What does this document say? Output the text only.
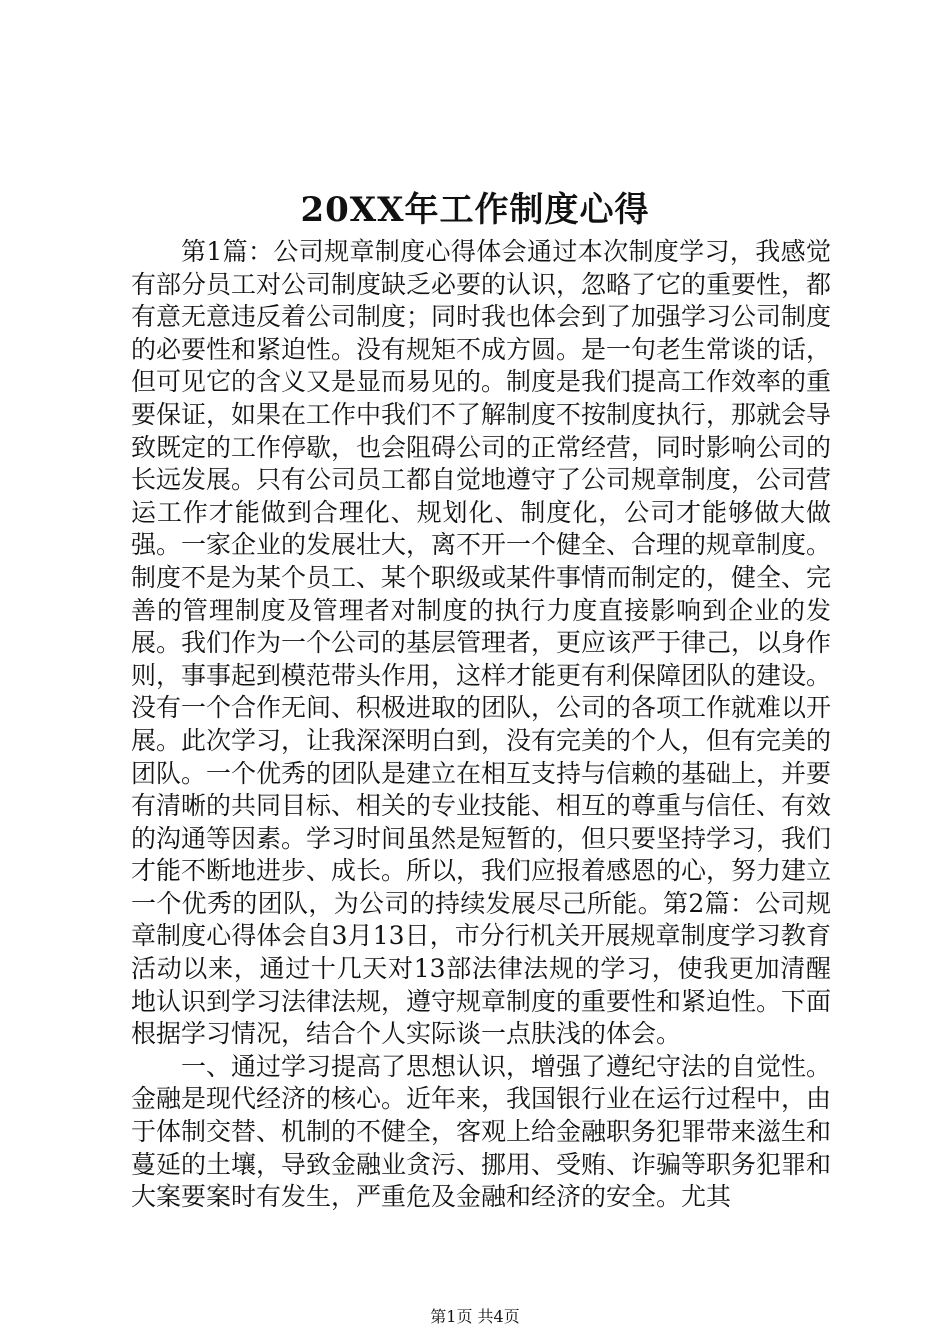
20XX年工作制度心得

第1篇：公司规章制度心得体会通过本次制度学习，我感觉有部分员工对公司制度缺乏必要的认识，忽略了它的重要性，都有意无意违反着公司制度；同时我也体会到了加强学习公司制度的必要性和紧迫性。没有规矩不成方圆。是一句老生常谈的话，但可见它的含义又是显而易见的。制度是我们提高工作效率的重要保证，如果在工作中我们不了解制度不按制度执行，那就会导致既定的工作停歇，也会阻碍公司的正常经营，同时影响公司的长远发展。只有公司员工都自觉地遵守了公司规章制度，公司营运工作才能做到合理化、规划化、制度化，公司才能够做大做强。一家企业的发展壮大，离不开一个健全、合理的规章制度。制度不是为某个员工、某个职级或某件事情而制定的，健全、完善的管理制度及管理者对制度的执行力度直接影响到企业的发展。我们作为一个公司的基层管理者，更应该严于律己，以身作则，事事起到模范带头作用，这样才能更有利保障团队的建设。没有一个合作无间、积极进取的团队，公司的各项工作就难以开展。此次学习，让我深深明白到，没有完美的个人，但有完美的团队。一个优秀的团队是建立在相互支持与信赖的基础上，并要有清晰的共同目标、相关的专业技能、相互的尊重与信任、有效的沟通等因素。学习时间虽然是短暂的，但只要坚持学习，我们才能不断地进步、成长。所以，我们应报着感恩的心，努力建立一个优秀的团队，为公司的持续发展尽己所能。第2篇：公司规章制度心得体会自3月13日，市分行机关开展规章制度学习教育活动以来，通过十几天对13部法律法规的学习，使我更加清醒地认识到学习法律法规，遵守规章制度的重要性和紧迫性。下面根据学习情况，结合个人实际谈一点肤浅的体会。

一、通过学习提高了思想认识，增强了遵纪守法的自觉性。金融是现代经济的核心。近年来，我国银行业在运行过程中，由于体制交替、机制的不健全，客观上给金融职务犯罪带来滋生和蔓延的土壤，导致金融业贪污、挪用、受贿、诈骗等职务犯罪和大案要案时有发生，严重危及金融和经济的安全。尤其

第1页 共4页
